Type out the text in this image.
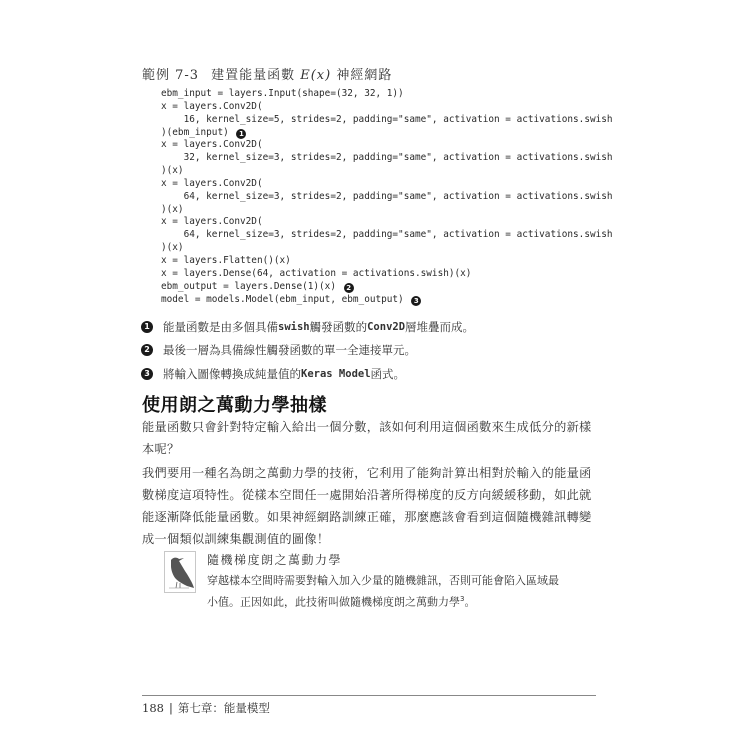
範例 7-3 建置能量函數 E(x) 神經網路
ebm_input = layers.Input(shape=(32, 32, 1))
x = layers.Conv2D(
16, kernel_size=5, strides=2, padding="same", activation = activations.swish
)(ebm_input) 1
x = layers.Conv2D(
32, kernel_size=3, strides=2, padding="same", activation = activations.swish
)(x)
x = layers.Conv2D(
64, kernel_size=3, strides=2, padding="same", activation = activations.swish
)(x)
x = layers.Conv2D(
64, kernel_size=3, strides=2, padding="same", activation = activations.swish
)(x)
x = layers.Flatten()(x)
x = layers.Dense(64, activation = activations.swish)(x)
ebm_output = layers.Dense(1)(x) 2
model = models.Model(ebm_input, ebm_output) 3
1 能量函數是由多個具備 swish 觸發函數的 Conv2D 層堆疊而成。
2 最後一層為具備線性觸發函數的單一全連接單元。
3 將輸入圖像轉換成純量值的 Keras Model 函式。
使用朗之萬動力學抽樣
能量函數只會針對特定輸入給出一個分數，該如何利用這個函數來生成低分的新樣本呢？
我們要用一種名為朗之萬動力學的技術，它利用了能夠計算出相對於輸入的能量函數梯度這項特性。從樣本空間任一處開始沿著所得梯度的反方向緩緩移動，如此就能逐漸降低能量函數。如果神經網路訓練正確，那麼應該會看到這個隨機雜訊轉變成一個類似訓練集觀測值的圖像！
隨機梯度朗之萬動力學
穿越樣本空間時需要對輸入加入少量的隨機雜訊，否則可能會陷入區域最小值。正因如此，此技術叫做隨機梯度朗之萬動力學$^3$。
188 | 第七章：能量模型
